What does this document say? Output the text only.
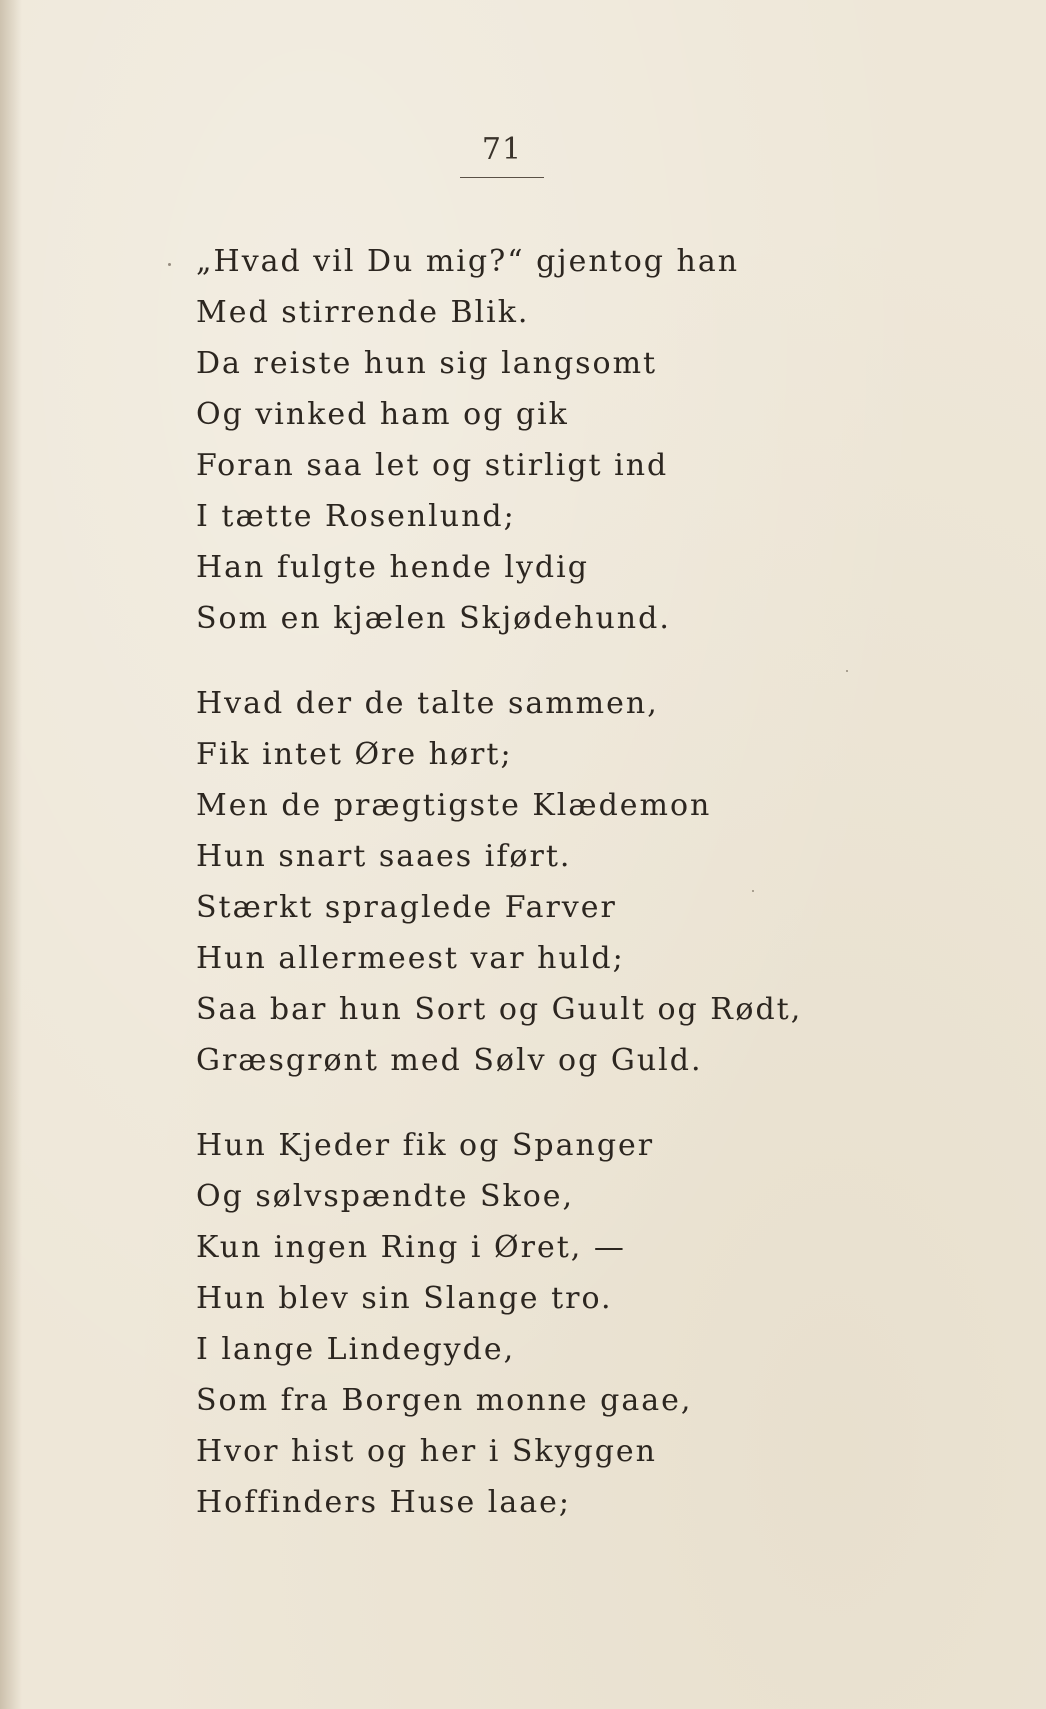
71
„Hvad vil Du mig?“ gjentog han
Med stirrende Blik.
Da reiste hun sig langsomt
Og vinked ham og gik
Foran saa let og stirligt ind
I tætte Rosenlund;
Han fulgte hende lydig
Som en kjælen Skjødehund.
Hvad der de talte sammen,
Fik intet Øre hørt;
Men de prægtigste Klædemon
Hun snart saaes iført.
Stærkt spraglede Farver
Hun allermeest var huld;
Saa bar hun Sort og Guult og Rødt,
Græsgrønt med Sølv og Guld.
Hun Kjeder fik og Spanger
Og sølvspændte Skoe,
Kun ingen Ring i Øret, —
Hun blev sin Slange tro.
I lange Lindegyde,
Som fra Borgen monne gaae,
Hvor hist og her i Skyggen
Hoffinders Huse laae;
